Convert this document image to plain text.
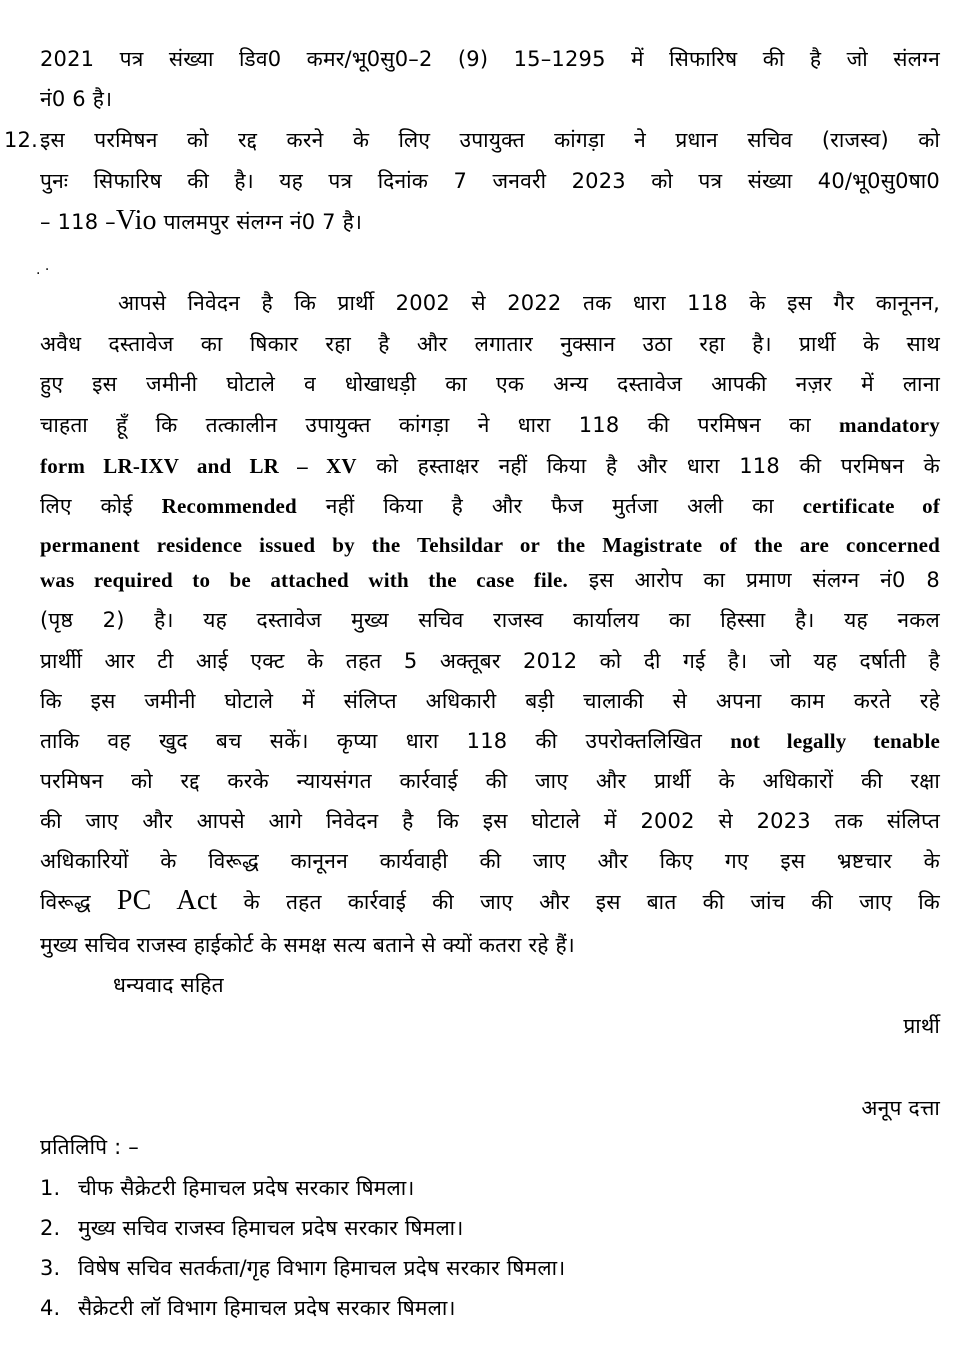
2021 पत्र संख्या डिव0 कमर/भू0सु0–2 (9) 15–1295 में सिफारिष की है जो संलग्न
नं0 6 है।
12. इस परमिषन को रद्द करने के लिए उपायुक्त कांगड़ा ने प्रधान सचिव (राजस्व) को
पुनः सिफारिष की है। यह पत्र दिनांक 7 जनवरी 2023 को पत्र संख्या 40/भू0सु0षा0
– 118 –Vio पालमपुर संलग्न नं0 7 है।
. ·
आपसे निवेदन है कि प्रार्थी 2002 से 2022 तक धारा 118 के इस गैर कानूनन,
अवैध दस्तावेज का षिकार रहा है और लगातार नुक्सान उठा रहा है। प्रार्थी के साथ
हुए इस जमीनी घोटाले व धोखाधड़ी का एक अन्य दस्तावेज आपकी नज़र में लाना
चाहता हूँ कि तत्कालीन उपायुक्त कांगड़ा ने धारा 118 की परमिषन का mandatory
form LR-IXV and LR – XV को हस्ताक्षर नहीं किया है और धारा 118 की परमिषन के
लिए कोई Recommended नहीं किया है और फैज मुर्तजा अली का certificate of
permanent residence issued by the Tehsildar or the Magistrate of the are concerned
was required to be attached with the case file. इस आरोप का प्रमाण संलग्न नं0 8
(पृष्ठ 2) है। यह दस्तावेज मुख्य सचिव राजस्व कार्यालय का हिस्सा है। यह नकल
प्रार्थीी आर टी आई एक्ट के तहत 5 अक्तूबर 2012 को दी गई है। जो यह दर्षाती है
कि इस जमीनी घोटाले में संलिप्त अधिकारी बड़ी चालाकी से अपना काम करते रहे
ताकि वह खुद बच सकें। कृप्या धारा 118 की उपरोक्तलिखित not legally tenable
परमिषन को रद्द करके न्यायसंगत कार्रवाई की जाए और प्रार्थी के अधिकारों की रक्षा
की जाए और आपसे आगे निवेदन है कि इस घोटाले में 2002 से 2023 तक संलिप्त
अधिकारियों के विरूद्ध कानूनन कार्यवाही की जाए और किए गए इस भ्रष्टचार के
विरूद्ध PC Act के तहत कार्रवाई की जाए और इस बात की जांच की जाए कि
मुख्य सचिव राजस्व हाईकोर्ट के समक्ष सत्य बताने से क्यों कतरा रहे हैं।
धन्यवाद सहित
प्रार्थी
अनूप दत्ता
प्रतिलिपि : –
1. चीफ सैक्रेटरी हिमाचल प्रदेष सरकार षिमला।
2. मुख्य सचिव राजस्व हिमाचल प्रदेष सरकार षिमला।
3. विषेष सचिव सतर्कता/गृह विभाग हिमाचल प्रदेष सरकार षिमला।
4. सैक्रेटरी लॉ विभाग हिमाचल प्रदेष सरकार षिमला।
